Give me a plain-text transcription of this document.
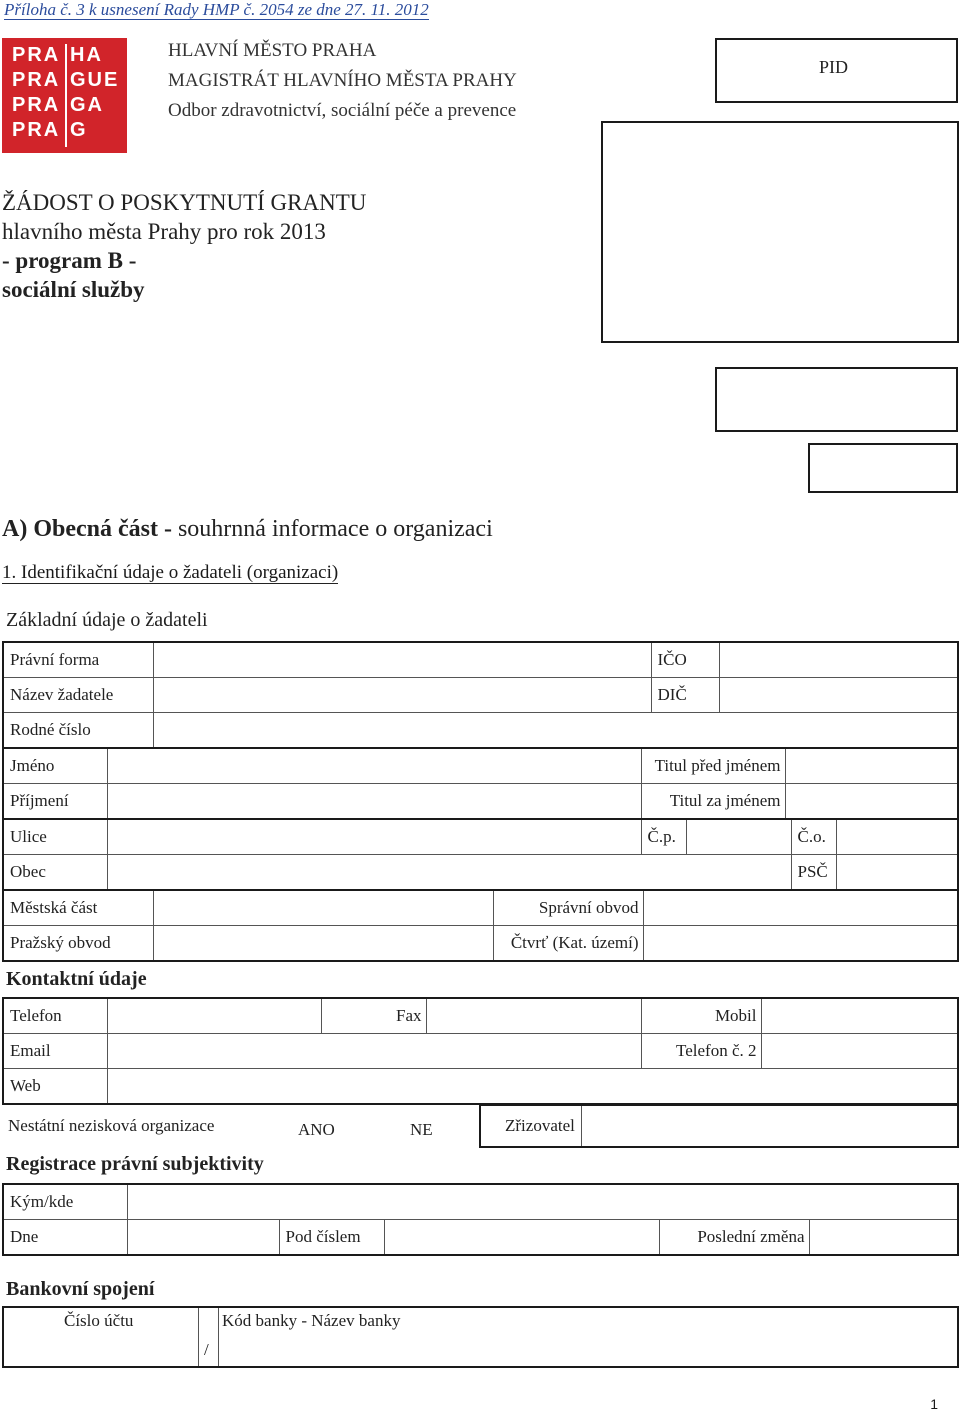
Příloha č. 3 k usnesení Rady HMP č. 2054 ze dne 27. 11. 2012
PRA
PRA
PRA
PRA
HA
GUE
GA
G
HLAVNÍ MĚSTO PRAHA
MAGISTRÁT HLAVNÍHO MĚSTA PRAHY
Odbor zdravotnictví, sociální péče a prevence
PID
ŽÁDOST O POSKYTNUTÍ GRANTU
hlavního města Prahy pro rok 2013
- program B -
sociální služby
A) Obecná část - souhrnná informace o organizaci
1. Identifikační údaje o žadateli (organizaci)
Základní údaje o žadateli
Právní forma		IČO	
Název žadatele		DIČ	
Rodné číslo			
Jméno		Titul před jménem	
Příjmení		Titul za jménem	
Ulice		Č.p.		Č.o.	
Obec				PSČ	
Městská část		Správní obvod	
Pražský obvod		Čtvrť (Kat. území)	
Kontaktní údaje
Telefon		Fax		Mobil	
Email				Telefon č. 2	
Web					
Nestátní nezisková organizace	ANO	NE	Zřizovatel
Registrace právní subjektivity
Kým/kde					
Dne		Pod číslem		Poslední změna	
Bankovní spojení
Číslo účtu	Kód banky - Název banky
/
1
